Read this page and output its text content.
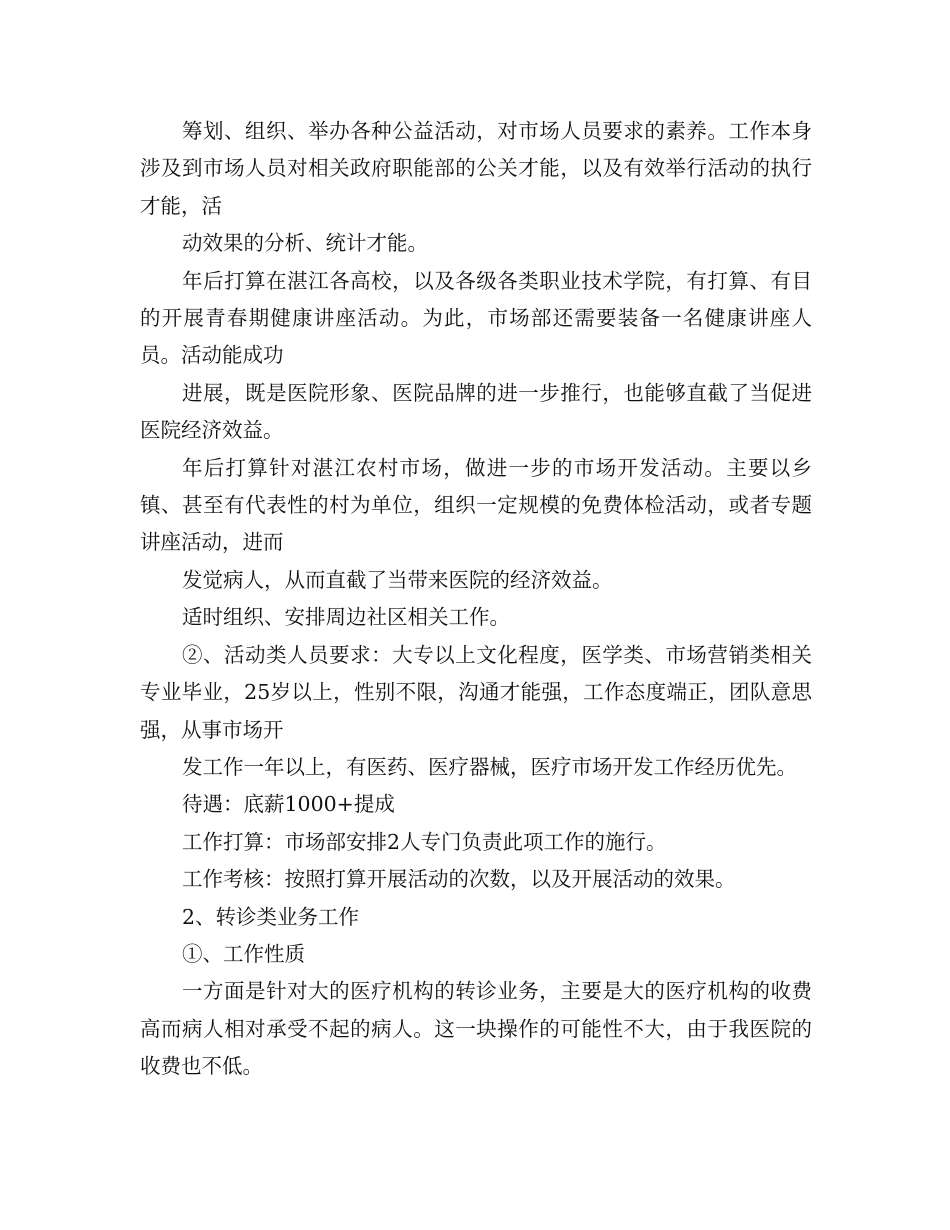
筹划、组织、举办各种公益活动，对市场人员要求的素养。工作本身涉及到市场人员对相关政府职能部的公关才能，以及有效举行活动的执行才能，活

动效果的分析、统计才能。

年后打算在湛江各高校，以及各级各类职业技术学院，有打算、有目的开展青春期健康讲座活动。为此，市场部还需要装备一名健康讲座人员。活动能成功

进展，既是医院形象、医院品牌的进一步推行，也能够直截了当促进医院经济效益。

年后打算针对湛江农村市场，做进一步的市场开发活动。主要以乡镇、甚至有代表性的村为单位，组织一定规模的免费体检活动，或者专题讲座活动，进而

发觉病人，从而直截了当带来医院的经济效益。

适时组织、安排周边社区相关工作。

②、活动类人员要求：大专以上文化程度，医学类、市场营销类相关专业毕业，25岁以上，性别不限，沟通才能强，工作态度端正，团队意思强，从事市场开

发工作一年以上，有医药、医疗器械，医疗市场开发工作经历优先。

待遇：底薪1000+提成

工作打算：市场部安排2人专门负责此项工作的施行。

工作考核：按照打算开展活动的次数，以及开展活动的效果。

2、转诊类业务工作

①、工作性质

一方面是针对大的医疗机构的转诊业务，主要是大的医疗机构的收费高而病人相对承受不起的病人。这一块操作的可能性不大，由于我医院的收费也不低。
